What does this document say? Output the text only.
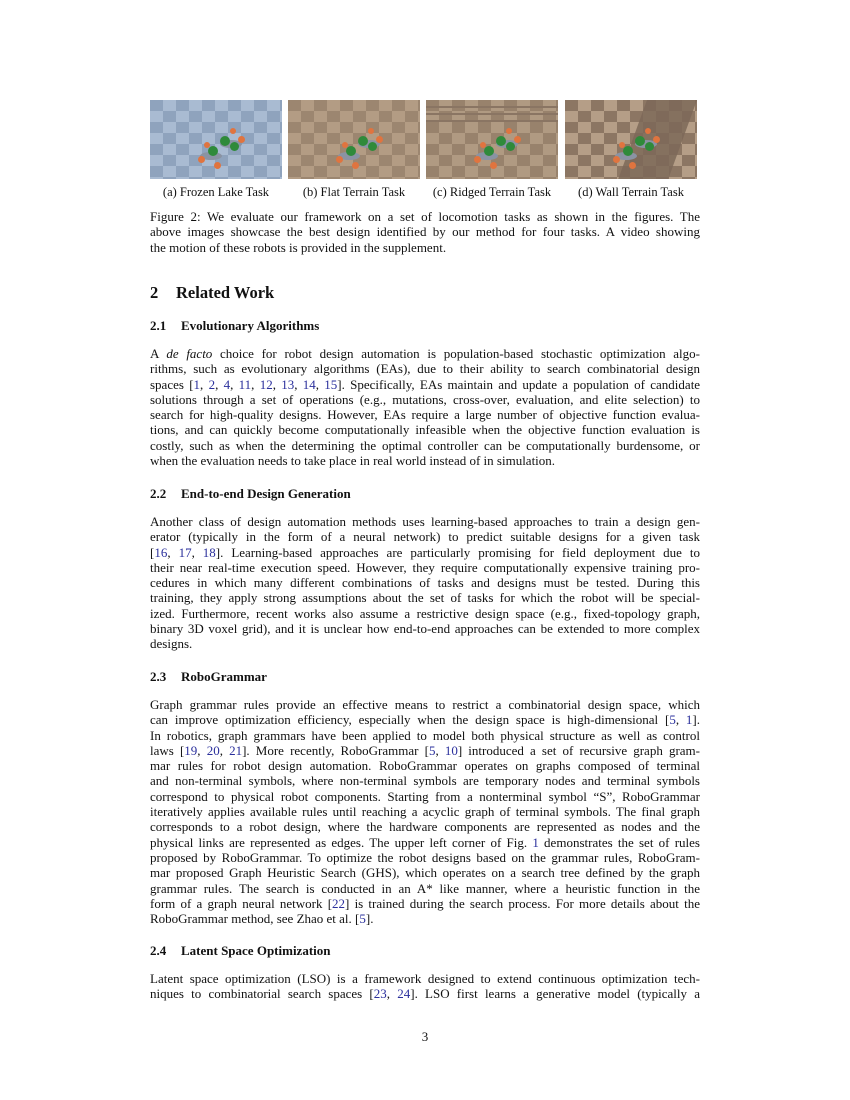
(a) Frozen Lake Task	(b) Flat Terrain Task	(c) Ridged Terrain Task	(d) Wall Terrain Task
Figure 2: We evaluate our framework on a set of locomotion tasks as shown in the figures. The
above images showcase the best design identified by our method for four tasks. A video showing
the motion of these robots is provided in the supplement.
2 Related Work
2.1 Evolutionary Algorithms
A de facto choice for robot design automation is population-based stochastic optimization algo-
rithms, such as evolutionary algorithms (EAs), due to their ability to search combinatorial design
spaces [1, 2, 4, 11, 12, 13, 14, 15]. Specifically, EAs maintain and update a population of candidate
solutions through a set of operations (e.g., mutations, cross-over, evaluation, and elite selection) to
search for high-quality designs. However, EAs require a large number of objective function evalua-
tions, and can quickly become computationally infeasible when the objective function evaluation is
costly, such as when the determining the optimal controller can be computationally burdensome, or
when the evaluation needs to take place in real world instead of in simulation.
2.2 End-to-end Design Generation
Another class of design automation methods uses learning-based approaches to train a design gen-
erator (typically in the form of a neural network) to predict suitable designs for a given task
[16, 17, 18]. Learning-based approaches are particularly promising for field deployment due to
their near real-time execution speed. However, they require computationally expensive training pro-
cedures in which many different combinations of tasks and designs must be tested. During this
training, they apply strong assumptions about the set of tasks for which the robot will be special-
ized. Furthermore, recent works also assume a restrictive design space (e.g., fixed-topology graph,
binary 3D voxel grid), and it is unclear how end-to-end approaches can be extended to more complex
designs.
2.3 RoboGrammar
Graph grammar rules provide an effective means to restrict a combinatorial design space, which
can improve optimization efficiency, especially when the design space is high-dimensional [5, 1].
In robotics, graph grammars have been applied to model both physical structure as well as control
laws [19, 20, 21]. More recently, RoboGrammar [5, 10] introduced a set of recursive graph gram-
mar rules for robot design automation. RoboGrammar operates on graphs composed of terminal
and non-terminal symbols, where non-terminal symbols are temporary nodes and terminal symbols
correspond to physical robot components. Starting from a nonterminal symbol “S”, RoboGrammar
iteratively applies available rules until reaching a acyclic graph of terminal symbols. The final graph
corresponds to a robot design, where the hardware components are represented as nodes and the
physical links are represented as edges. The upper left corner of Fig. 1 demonstrates the set of rules
proposed by RoboGrammar. To optimize the robot designs based on the grammar rules, RoboGram-
mar proposed Graph Heuristic Search (GHS), which operates on a search tree defined by the graph
grammar rules. The search is conducted in an A* like manner, where a heuristic function in the
form of a graph neural network [22] is trained during the search process. For more details about the
RoboGrammar method, see Zhao et al. [5].
2.4 Latent Space Optimization
Latent space optimization (LSO) is a framework designed to extend continuous optimization tech-
niques to combinatorial search spaces [23, 24]. LSO first learns a generative model (typically a
3
